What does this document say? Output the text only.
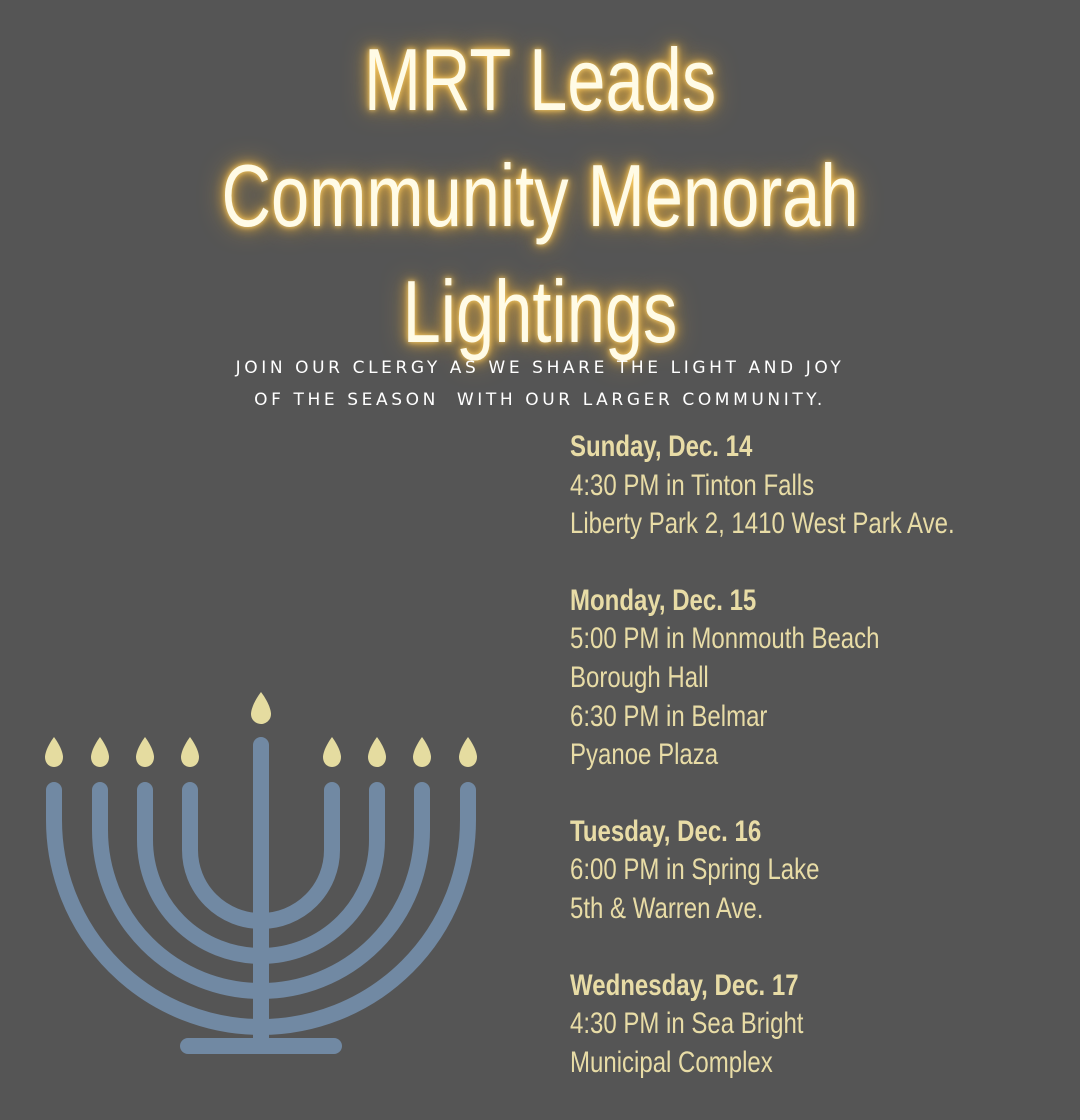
MRT Leads
Community Menorah
Lightings

JOIN OUR CLERGY AS WE SHARE THE LIGHT AND JOY
OF THE SEASON  WITH OUR LARGER COMMUNITY.

Sunday, Dec. 14
4:30 PM in Tinton Falls
Liberty Park 2, 1410 West Park Ave.
Monday, Dec. 15
5:00 PM in Monmouth Beach
Borough Hall
6:30 PM in Belmar
Pyanoe Plaza
Tuesday, Dec. 16
6:00 PM in Spring Lake
5th & Warren Ave.
Wednesday, Dec. 17
4:30 PM in Sea Bright
Municipal Complex
